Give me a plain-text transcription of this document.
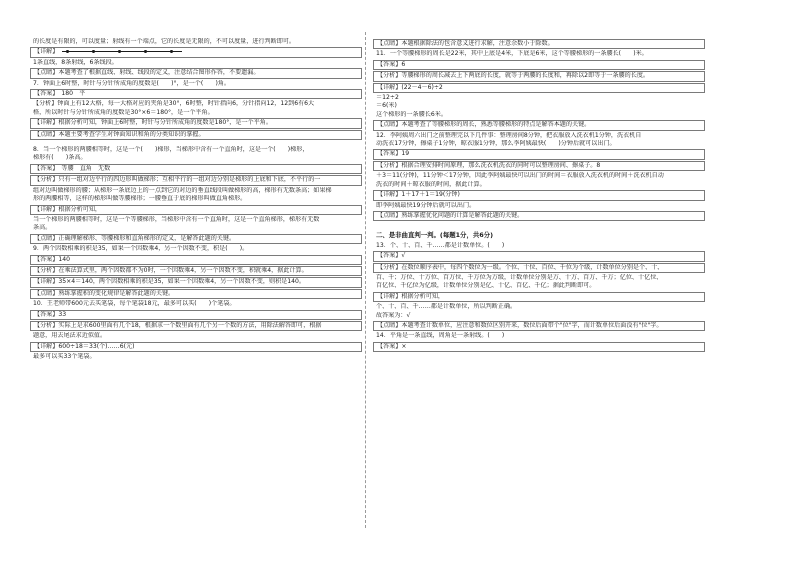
的长度是有限的，可以度量；射线有一个端点，它的长度是无限的，不可以度量，进行判断即可。
【详解】
1条直线，8条射线，6条线段。
【点睛】本题考查了根据直线、射线、线段的定义，注意结合图形作答，不要遗漏。
7．钟面上6时整，时针与分针所成角的度数是(　　)°，是一个(　　)角。
【答案】　180　平
【分析】钟面上有12大格，每一大格对应的夹角是30°，6时整，时针指向6，分针指向12，12到6有6大
格，所以时针与分针所成角的度数是30°×6＝180°，是一个平角。
【详解】根据分析可知，钟面上6时整，时针与分针所成角的度数是180°，是一个平角。
【点睛】本题主要考查学生对钟面知识和角的分类知识的掌握。
8．当一个梯形的两腰相等时，这是一个(　　)梯形，当梯形中含有一个直角时，这是一个(　　)梯形，
梯形有(　　)条高。
【答案】　等腰　直角　无数
【分析】只有一组对边平行的四边形叫做梯形；互相平行的一组对边分别是梯形的上底和下底，不平行的一
组对边叫做梯形的腰；从梯形一条底边上的一点到它的对边的垂直线段叫做梯形的高，梯形有无数条高；如果梯
形的两腰相等，这样的梯形叫做等腰梯形；一腰垂直于底的梯形叫做直角梯形。
【详解】根据分析可知，
当一个梯形的两腰相等时，这是一个等腰梯形，当梯形中含有一个直角时，这是一个直角梯形，梯形有无数
条高。
【点睛】正确理解梯形、等腰梯形和直角梯形的定义，是解答此题的关键。
9．两个因数相乘的积是35，如果一个因数乘4，另一个因数不变，积是(　　)。
【答案】140
【分析】在乘法算式里，两个因数都不为0时，一个因数乘4，另一个因数不变，积就乘4，据此计算。
【详解】35×4＝140，两个因数相乘的积是35，如果一个因数乘4，另一个因数不变，则积是140。
【点睛】熟练掌握积的变化规律是解答此题的关键。
10．王老师带600元去买笔袋，每个笔袋18元，最多可以买(　　)个笔袋。
【答案】33
【分析】实际上是求600里面有几个18，根据求一个数里面有几个另一个数的方法，用除法解答即可，根据
题意，用去尾法求近似值。
【详解】600÷18＝33(个)……6(元)
最多可以买33个笔袋。
【点睛】本题根据除法的包含意义进行求解，注意余数小于除数。
11．一个等腰梯形的周长是22米，其中上底是4米，下底是6米，这个等腰梯形的一条腰长(　　)米。
【答案】6
【分析】等腰梯形的周长减去上下两底的长度，就等于两腰的长度和，再除以2即等于一条腰的长度。
【详解】(22－4－6)÷2
＝12÷2
＝6(米)
这个梯形的一条腰长6米。
【点睛】本题考查了等腰梯形的周长，熟悉等腰梯形的特点是解答本题的关键。
12．李阿姨周六出门之前整理完以下几件事：整理房间8分钟，把衣服放入洗衣机1分钟，洗衣机自
动洗衣17分钟，擦桌子1分钟，晾衣服1分钟，那么李阿姨最快(　　)分钟后就可以出门。
【答案】19
【分析】根据合理安排时间原理，那么洗衣机洗衣的同时可以整理房间、擦桌子。8
＋3＝11(分钟)，11分钟＜17分钟，因此李阿姨最快可以出门的时间＝衣服放入洗衣机的时间＋洗衣机自动
洗衣的时间＋晾衣服的时间，据此计算。
【详解】1＋17＋1＝19(分钟)
即李阿姨最快19分钟后就可以出门。
【点睛】熟练掌握优化问题的计算是解答此题的关键。
二、是非曲直判一判。(每题1分，共6分)
13．个、十、百、千……都是计数单位。(　　)
【答案】√
【分析】在数位顺序表中，每四个数位为一级。个位、十位、百位、千位为个级，计数单位分别是个、十、
百、千；万位、十万位、百万位、千万位为万级，计数单位分别是万、十万、百万、千万；亿位、十亿位、
百亿位、千亿位为亿级，计数单位分别是亿、十亿、百亿、千亿；据此判断即可。
【详解】根据分析可知，
个、十、百、千……都是计数单位，所以判断正确。
故答案为：√
【点睛】本题考查计数单位，应注意和数位区别开来，数位后面带个"位"字，而计数单位后面没有"位"字。
14．平角是一条直线，周角是一条射线。(　　)
【答案】×
